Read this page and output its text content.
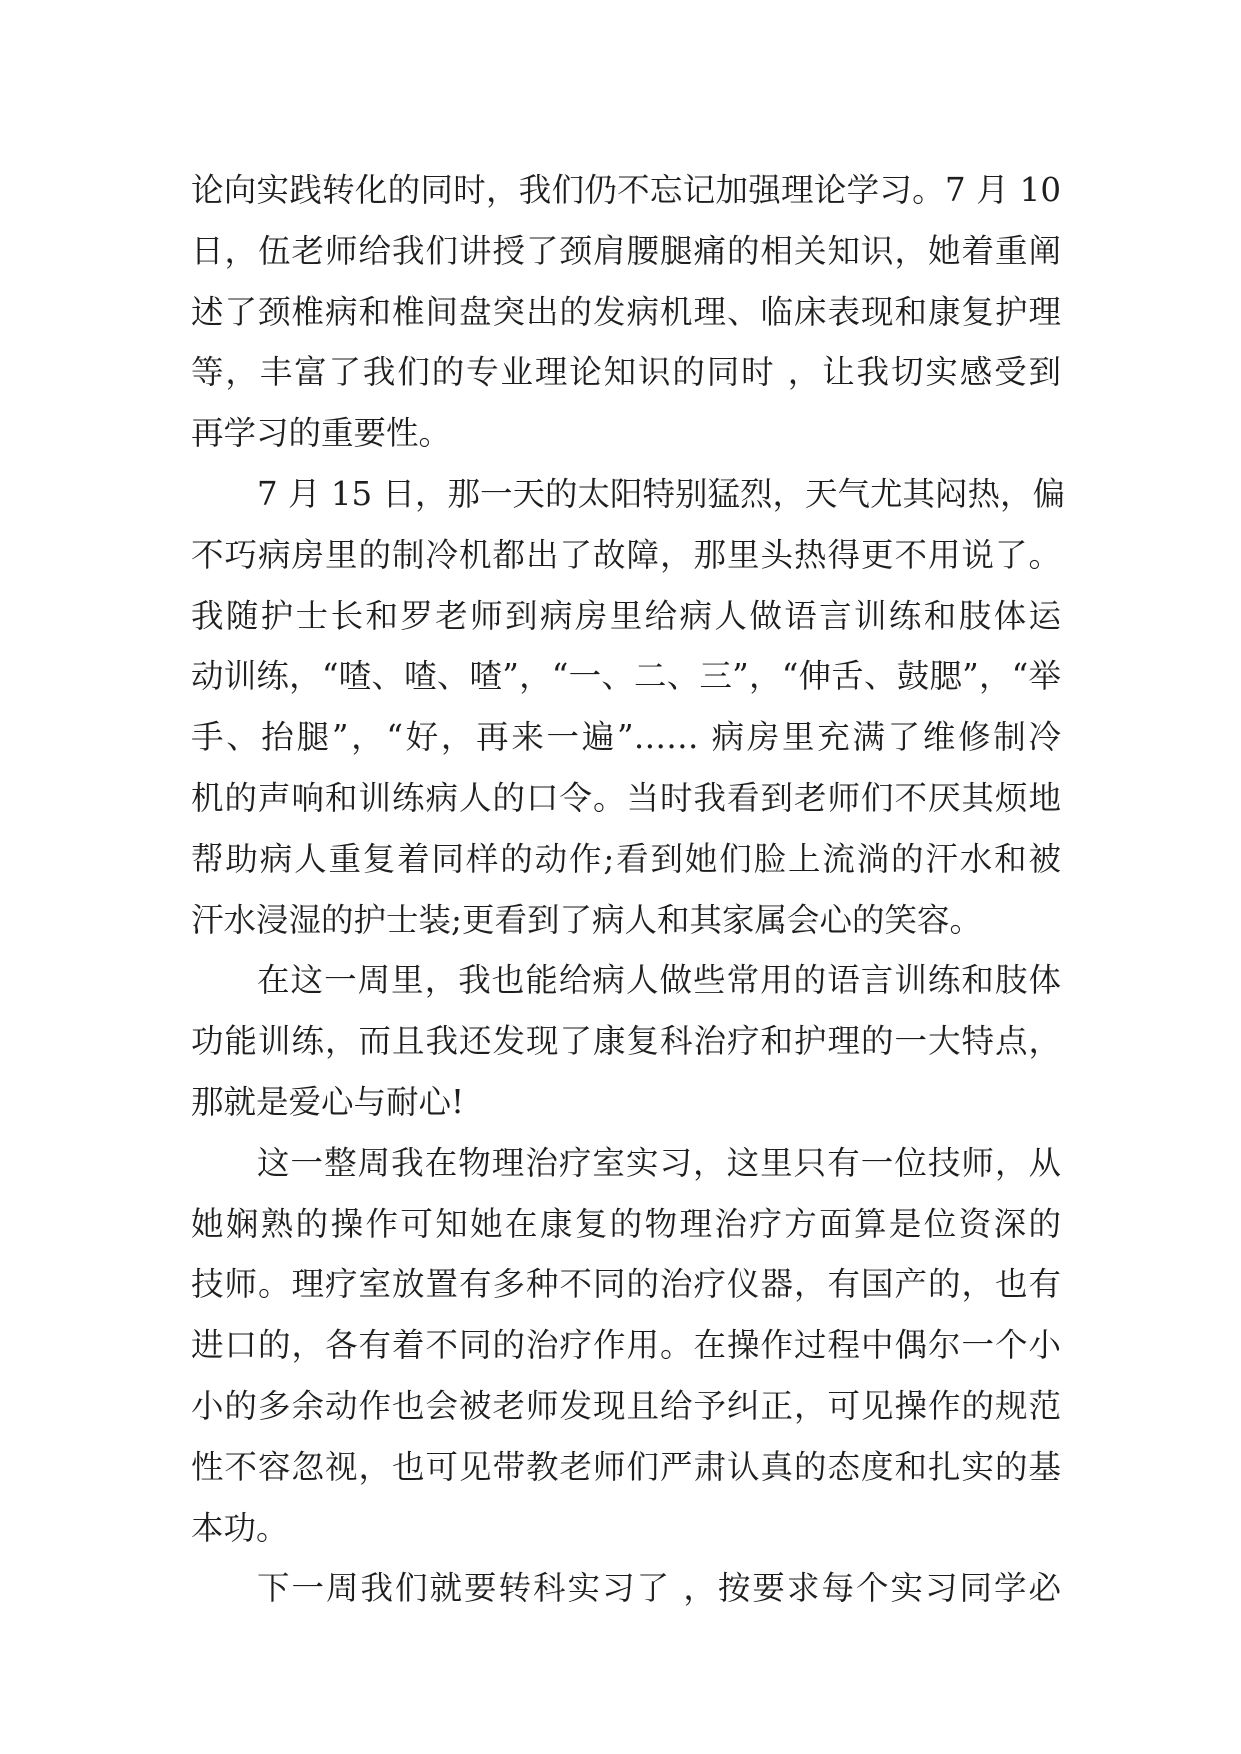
论向实践转化的同时，我们仍不忘记加强理论学习。7 月 10
日，伍老师给我们讲授了颈肩腰腿痛的相关知识，她着重阐
述了颈椎病和椎间盘突出的发病机理、临床表现和康复护理
等，丰富了我们的专业理论知识的同时 ，让我切实感受到
再学习的重要性。
7 月 15 日，那一天的太阳特别猛烈，天气尤其闷热，偏
不巧病房里的制冷机都出了故障，那里头热得更不用说了。
我随护士长和罗老师到病房里给病人做语言训练和肢体运
动训练，“喳、喳、喳”，“一、二、三”，“伸舌、鼓腮”，“举
手、抬腿”，“好，再来一遍”…… 病房里充满了维修制冷
机的声响和训练病人的口令。当时我看到老师们不厌其烦地
帮助病人重复着同样的动作;看到她们脸上流淌的汗水和被
汗水浸湿的护士装;更看到了病人和其家属会心的笑容。
在这一周里，我也能给病人做些常用的语言训练和肢体
功能训练，而且我还发现了康复科治疗和护理的一大特点，
那就是爱心与耐心!
这一整周我在物理治疗室实习，这里只有一位技师，从
她娴熟的操作可知她在康复的物理治疗方面算是位资深的
技师。理疗室放置有多种不同的治疗仪器，有国产的，也有
进口的，各有着不同的治疗作用。在操作过程中偶尔一个小
小的多余动作也会被老师发现且给予纠正，可见操作的规范
性不容忽视，也可见带教老师们严肃认真的态度和扎实的基
本功。
下一周我们就要转科实习了 ，按要求每个实习同学必
